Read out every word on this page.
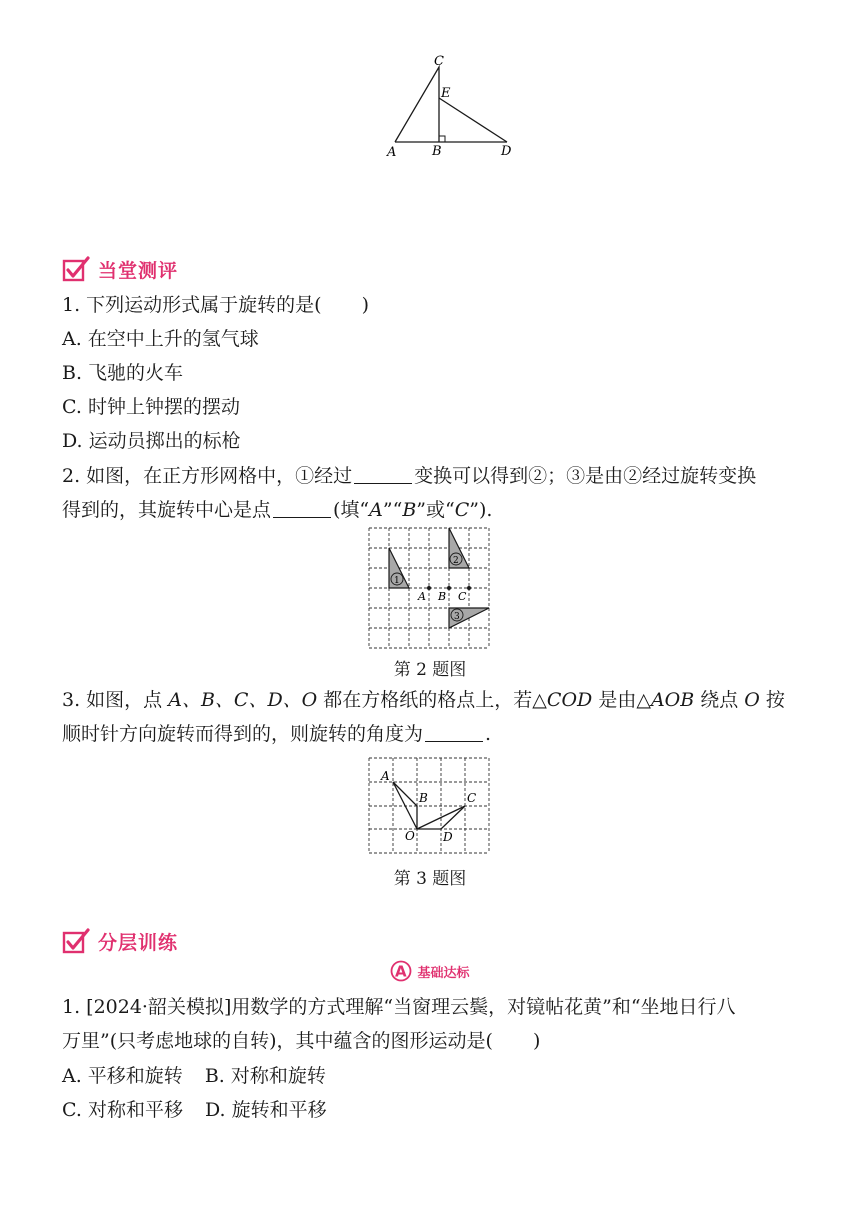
C
E
A	B	D
当堂测评
1. 下列运动形式属于旋转的是( )
A. 在空中上升的氢气球
B. 飞驰的火车
C. 时钟上钟摆的摆动
D. 运动员掷出的标枪
2. 如图，在正方形网格中，①经过	变换可以得到②；③是由②经过旋转变换
得到的，其旋转中心是点	(填“A”“B”或“C”).
1
2
3
A B C
第 2 题图
3. 如图，点 A、B、C、D、O 都在方格纸的格点上，若△COD 是由△AOB 绕点 O 按
顺时针方向旋转而得到的，则旋转的角度为	.
A
B	C
O D
第 3 题图
分层训练
A 基础达标
1. [2024·韶关模拟]用数学的方式理解“当窗理云鬓，对镜帖花黄”和“坐地日行八
万里”(只考虑地球的自转)，其中蕴含的图形运动是( )
A. 平移和旋转 B. 对称和旋转
C. 对称和平移 D. 旋转和平移
